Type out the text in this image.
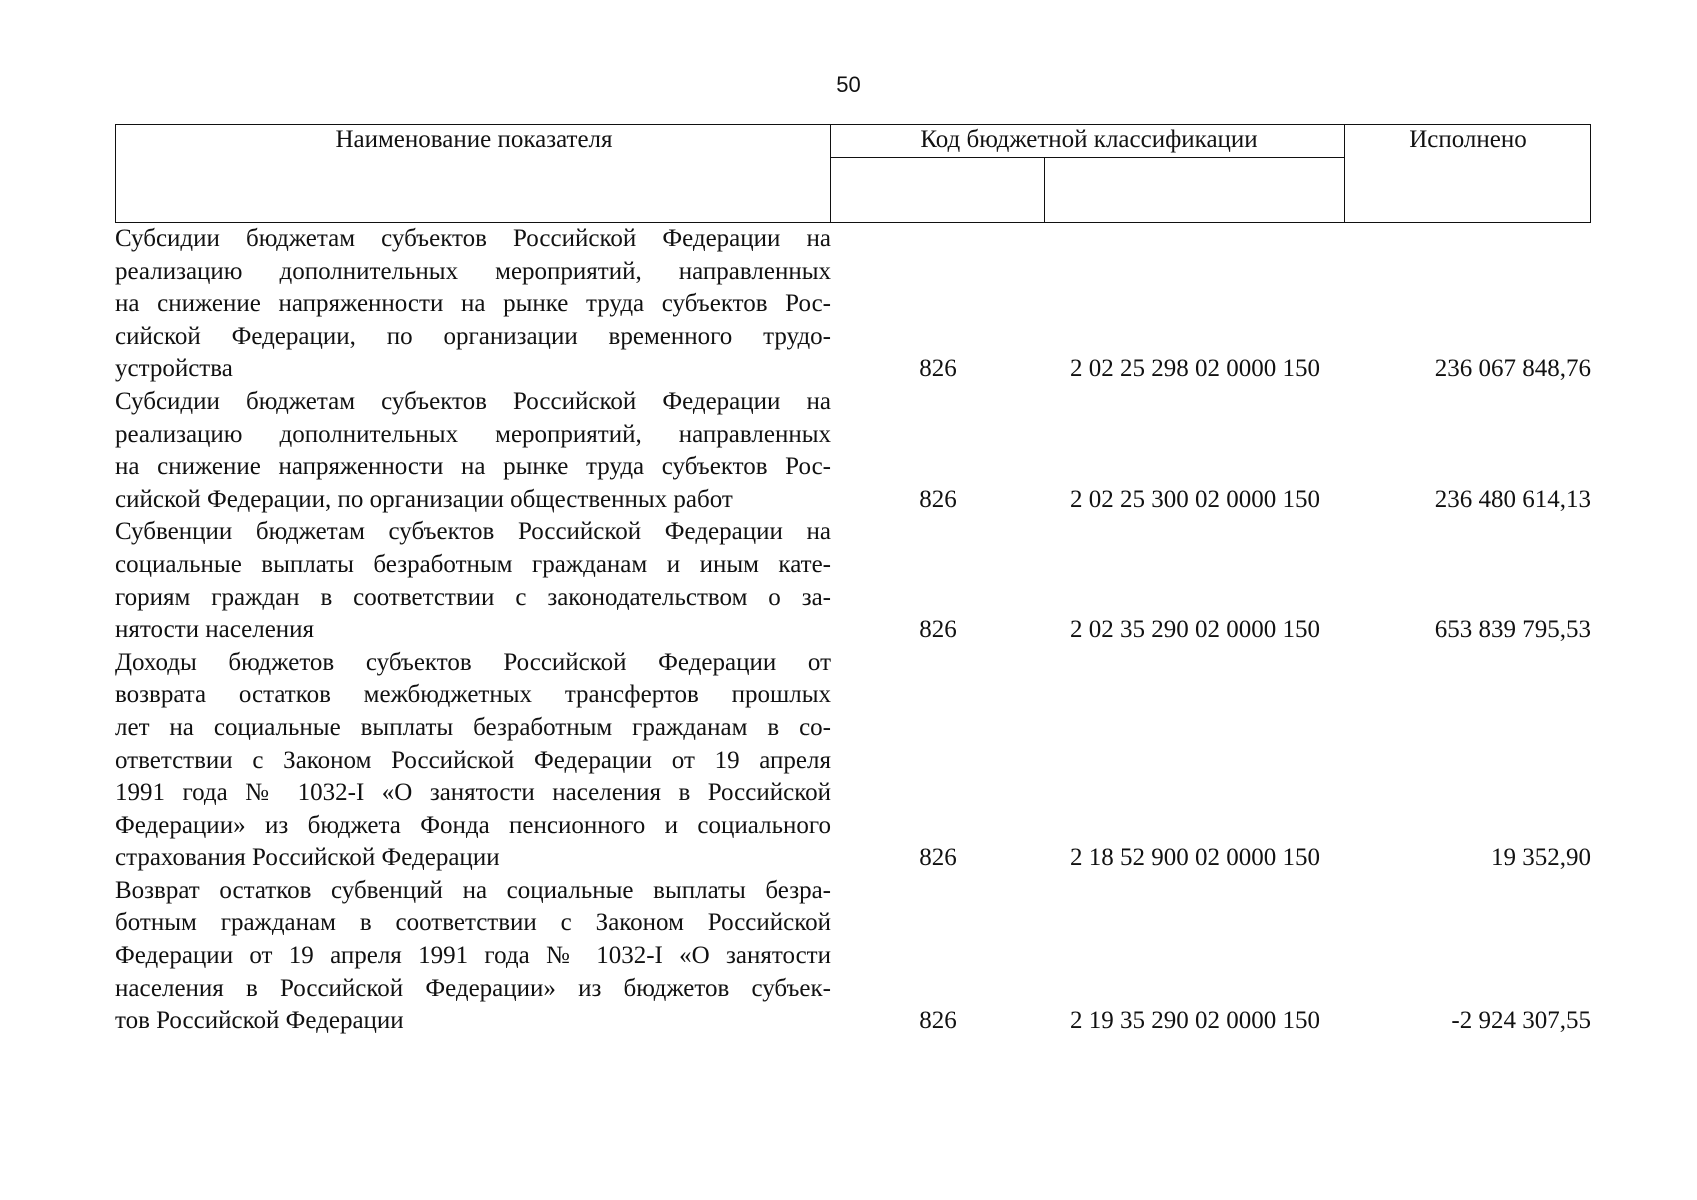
50
Наименование показателя	Код бюджетной классификации	Исполнено
Субсидии бюджетам субъектов Российской Федерации на
реализацию дополнительных мероприятий, направленных
на снижение напряженности на рынке труда субъектов Рос-
сийской Федерации, по организации временного трудо-
устройства	826	2 02 25 298 02 0000 150	236 067 848,76
Субсидии бюджетам субъектов Российской Федерации на
реализацию дополнительных мероприятий, направленных
на снижение напряженности на рынке труда субъектов Рос-
сийской Федерации, по организации общественных работ	826	2 02 25 300 02 0000 150	236 480 614,13
Субвенции бюджетам субъектов Российской Федерации на
социальные выплаты безработным гражданам и иным кате-
гориям граждан в соответствии с законодательством о за-
нятости населения	826	2 02 35 290 02 0000 150	653 839 795,53
Доходы бюджетов субъектов Российской Федерации от
возврата остатков межбюджетных трансфертов прошлых
лет на социальные выплаты безработным гражданам в со-
ответствии с Законом Российской Федерации от 19 апреля
1991 года № 1032-I «О занятости населения в Российской
Федерации» из бюджета Фонда пенсионного и социального
страхования Российской Федерации	826	2 18 52 900 02 0000 150	19 352,90
Возврат остатков субвенций на социальные выплаты безра-
ботным гражданам в соответствии с Законом Российской
Федерации от 19 апреля 1991 года № 1032-I «О занятости
населения в Российской Федерации» из бюджетов субъек-
тов Российской Федерации	826	2 19 35 290 02 0000 150	-2 924 307,55
